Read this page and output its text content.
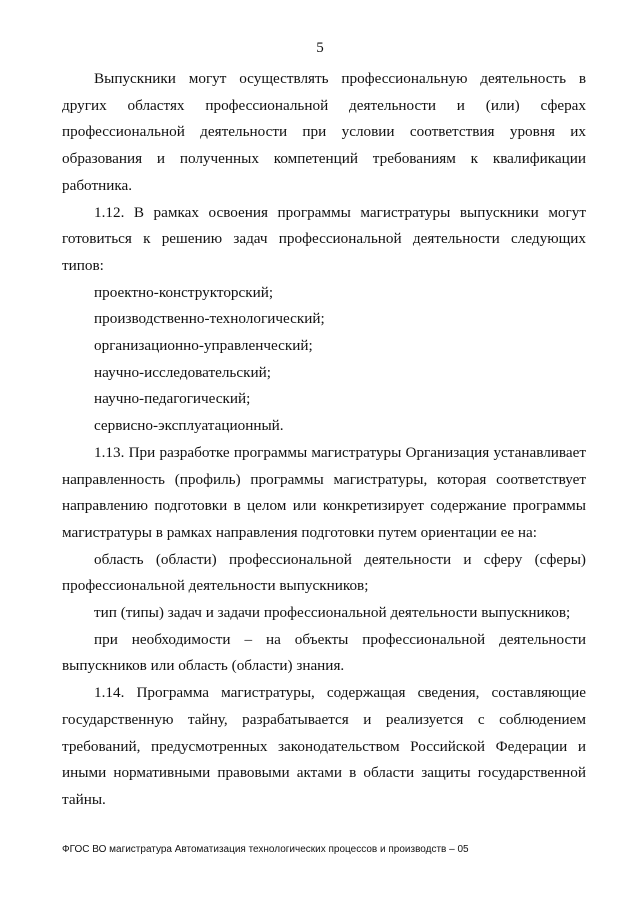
5

Выпускники могут осуществлять профессиональную деятельность в других областях профессиональной деятельности и (или) сферах профессиональной деятельности при условии соответствия уровня их образования и полученных компетенций требованиям к квалификации работника.

1.12. В рамках освоения программы магистратуры выпускники могут готовиться к решению задач профессиональной деятельности следующих типов:

проектно-конструкторский;

производственно-технологический;

организационно-управленческий;

научно-исследовательский;

научно-педагогический;

сервисно-эксплуатационный.

1.13. При разработке программы магистратуры Организация устанавливает направленность (профиль) программы магистратуры, которая соответствует направлению подготовки в целом или конкретизирует содержание программы магистратуры в рамках направления подготовки путем ориентации ее на:

область (области) профессиональной деятельности и сферу (сферы) профессиональной деятельности выпускников;

тип (типы) задач и задачи профессиональной деятельности выпускников;

при необходимости – на объекты профессиональной деятельности выпускников или область (области) знания.

1.14. Программа магистратуры, содержащая сведения, составляющие государственную тайну, разрабатывается и реализуется с соблюдением требований, предусмотренных законодательством Российской Федерации и иными нормативными правовыми актами в области защиты государственной тайны.

ФГОС ВО магистратура Автоматизация технологических процессов и производств – 05
